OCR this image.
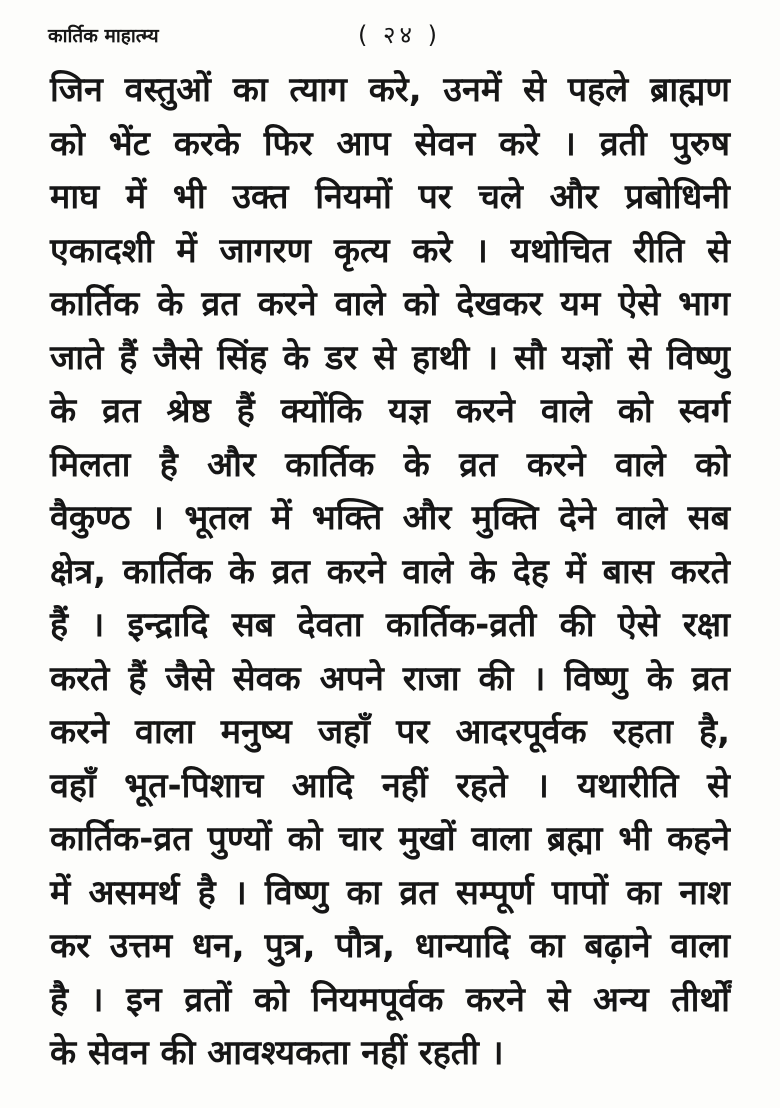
कार्तिक माहात्म्य	( २४ )
जिन वस्तुओं का त्याग करे, उनमें से पहले ब्राह्मण
को भेंट करके फिर आप सेवन करे । व्रती पुरुष
माघ में भी उक्त नियमों पर चले और प्रबोधिनी
एकादशी में जागरण कृत्य करे । यथोचित रीति से
कार्तिक के व्रत करने वाले को देखकर यम ऐसे भाग
जाते हैं जैसे सिंह के डर से हाथी । सौ यज्ञों से विष्णु
के व्रत श्रेष्ठ हैं क्योंकि यज्ञ करने वाले को स्वर्ग
मिलता है और कार्तिक के व्रत करने वाले को
वैकुण्ठ । भूतल में भक्ति और मुक्ति देने वाले सब
क्षेत्र, कार्तिक के व्रत करने वाले के देह में बास करते
हैं । इन्द्रादि सब देवता कार्तिक-व्रती की ऐसे रक्षा
करते हैं जैसे सेवक अपने राजा की । विष्णु के व्रत
करने वाला मनुष्य जहाँ पर आदरपूर्वक रहता है,
वहाँ भूत-पिशाच आदि नहीं रहते । यथारीति से
कार्तिक-व्रत पुण्यों को चार मुखों वाला ब्रह्मा भी कहने
में असमर्थ है । विष्णु का व्रत सम्पूर्ण पापों का नाश
कर उत्तम धन, पुत्र, पौत्र, धान्यादि का बढ़ाने वाला
है । इन व्रतों को नियमपूर्वक करने से अन्य तीर्थों
के सेवन की आवश्यकता नहीं रहती ।
